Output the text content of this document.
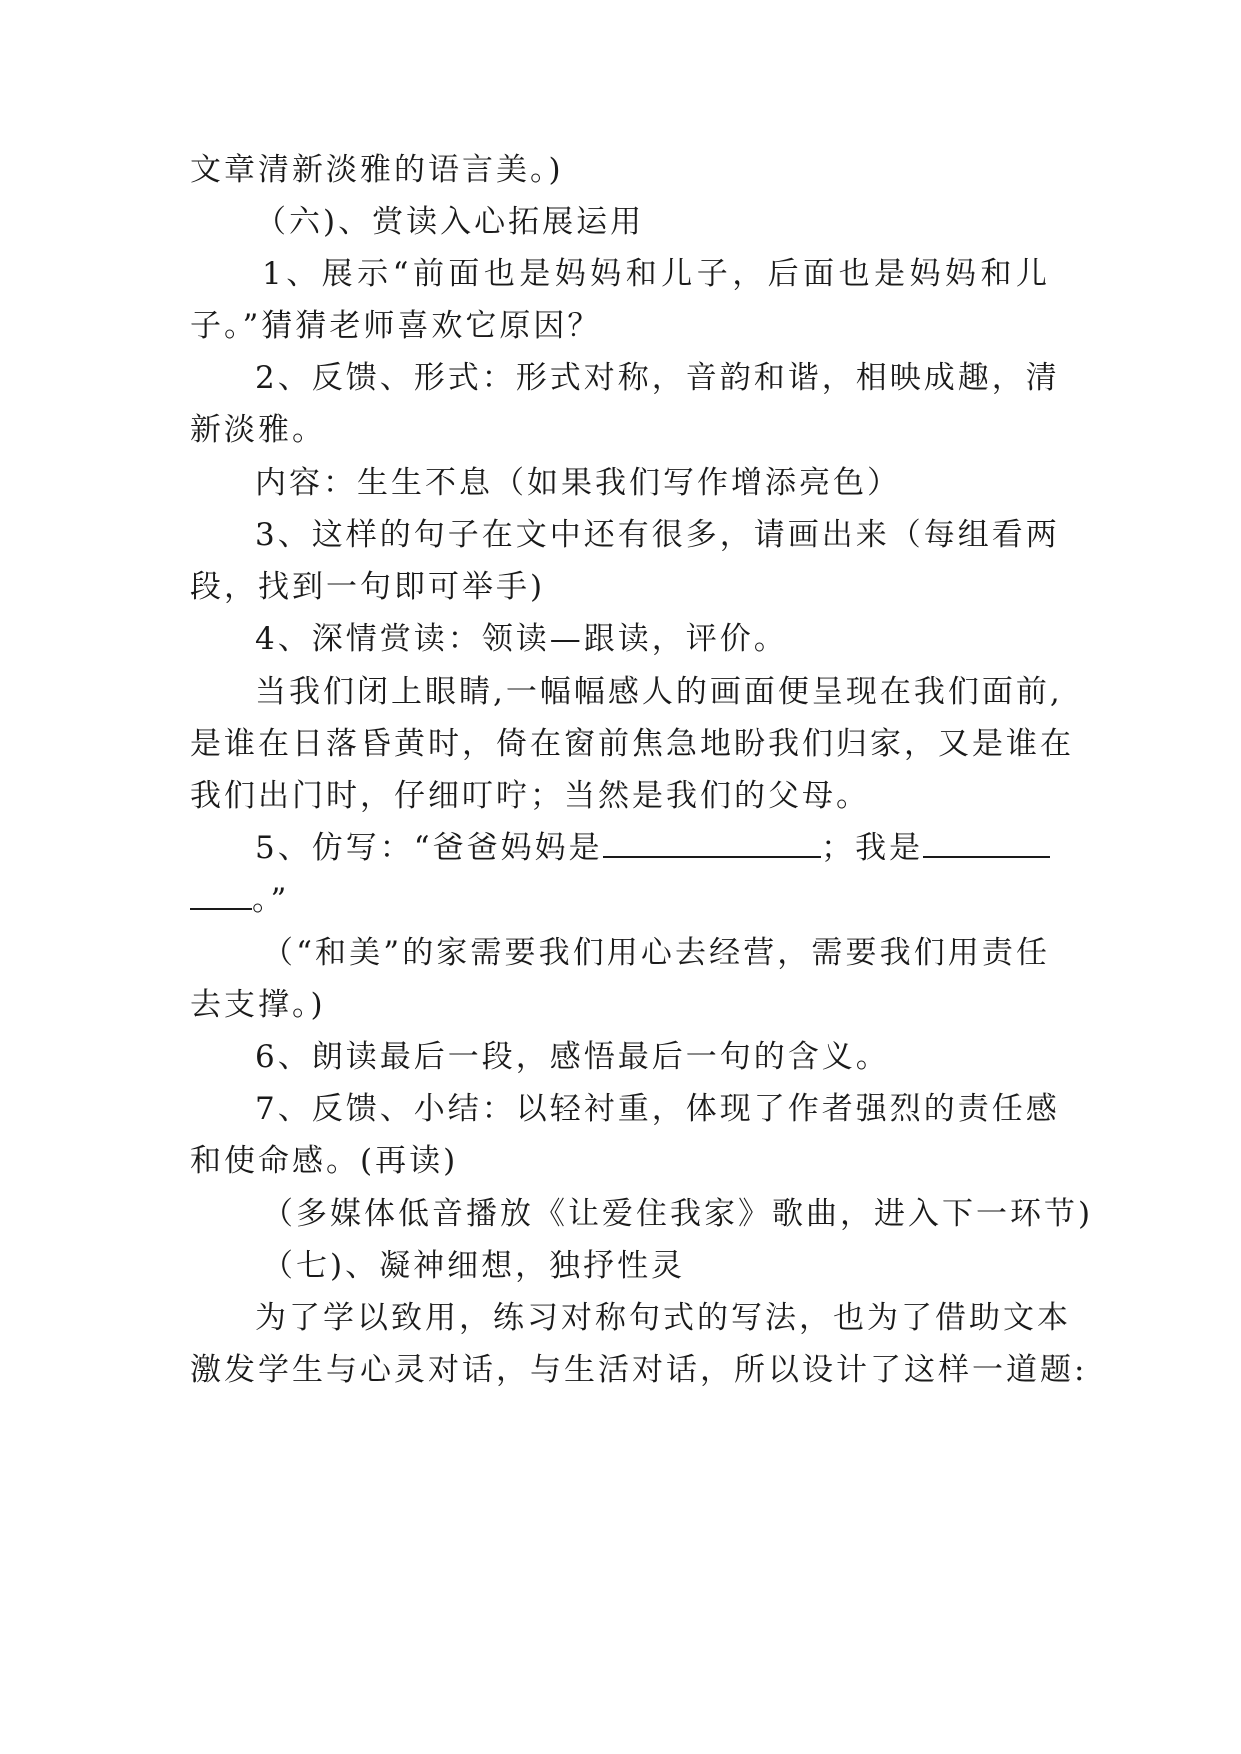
文章清新淡雅的语言美。)
（六)、赏读入心拓展运用
1、展示“前面也是妈妈和儿子，后面也是妈妈和儿
子。”猜猜老师喜欢它原因？
2、反馈、形式：形式对称，音韵和谐，相映成趣，清
新淡雅。
内容：生生不息（如果我们写作增添亮色）
3、这样的句子在文中还有很多，请画出来（每组看两
段，找到一句即可举手)
4、深情赏读：领读—跟读，评价。
当我们闭上眼睛,一幅幅感人的画面便呈现在我们面前,
是谁在日落昏黄时，倚在窗前焦急地盼我们归家，又是谁在
我们出门时，仔细叮咛；当然是我们的父母。
5、仿写：“爸爸妈妈是	；我是
。”
（“和美”的家需要我们用心去经营，需要我们用责任
去支撑。)
6、朗读最后一段，感悟最后一句的含义。
7、反馈、小结：以轻衬重，体现了作者强烈的责任感
和使命感。(再读)
（多媒体低音播放《让爱住我家》歌曲，进入下一环节)
（七)、凝神细想，独抒性灵
为了学以致用，练习对称句式的写法，也为了借助文本
激发学生与心灵对话，与生活对话，所以设计了这样一道题:
